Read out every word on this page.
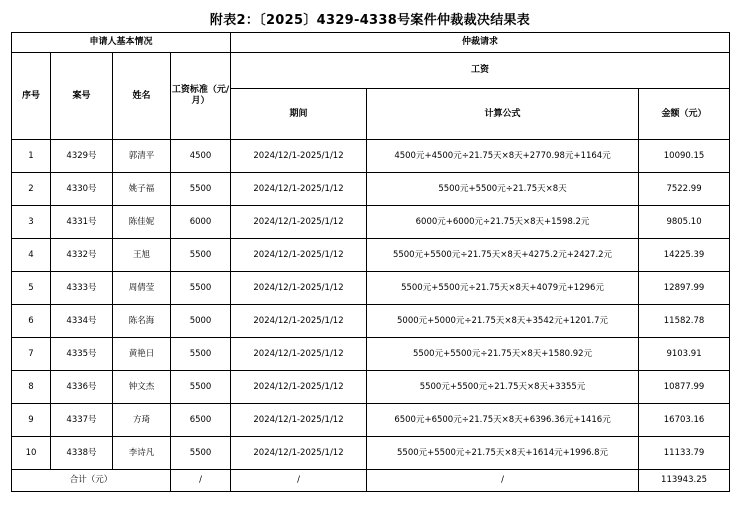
附表2：〔2025〕4329-4338号案件仲裁裁决结果表
申请人基本情况				仲裁请求		
序号	案号	姓名	工资标准（元/月）	工资		
				期间	计算公式	金额（元）
1	4329号	郭清平	4500	2024/12/1-2025/1/12	4500元+4500元÷21.75天×8天+2770.98元+1164元	10090.15
2	4330号	姚子福	5500	2024/12/1-2025/1/12	5500元+5500元÷21.75天×8天	7522.99
3	4331号	陈佳妮	6000	2024/12/1-2025/1/12	6000元+6000元÷21.75天×8天+1598.2元	9805.10
4	4332号	王旭	5500	2024/12/1-2025/1/12	5500元+5500元÷21.75天×8天+4275.2元+2427.2元	14225.39
5	4333号	周倩莹	5500	2024/12/1-2025/1/12	5500元+5500元÷21.75天×8天+4079元+1296元	12897.99
6	4334号	陈名海	5000	2024/12/1-2025/1/12	5000元+5000元÷21.75天×8天+3542元+1201.7元	11582.78
7	4335号	黄艳日	5500	2024/12/1-2025/1/12	5500元+5500元÷21.75天×8天+1580.92元	9103.91
8	4336号	钟文杰	5500	2024/12/1-2025/1/12	5500元+5500元÷21.75天×8天+3355元	10877.99
9	4337号	方琦	6500	2024/12/1-2025/1/12	6500元+6500元÷21.75天×8天+6396.36元+1416元	16703.16
10	4338号	李诗凡	5500	2024/12/1-2025/1/12	5500元+5500元÷21.75天×8天+1614元+1996.8元	11133.79
合计（元）			/	/	/	113943.25
